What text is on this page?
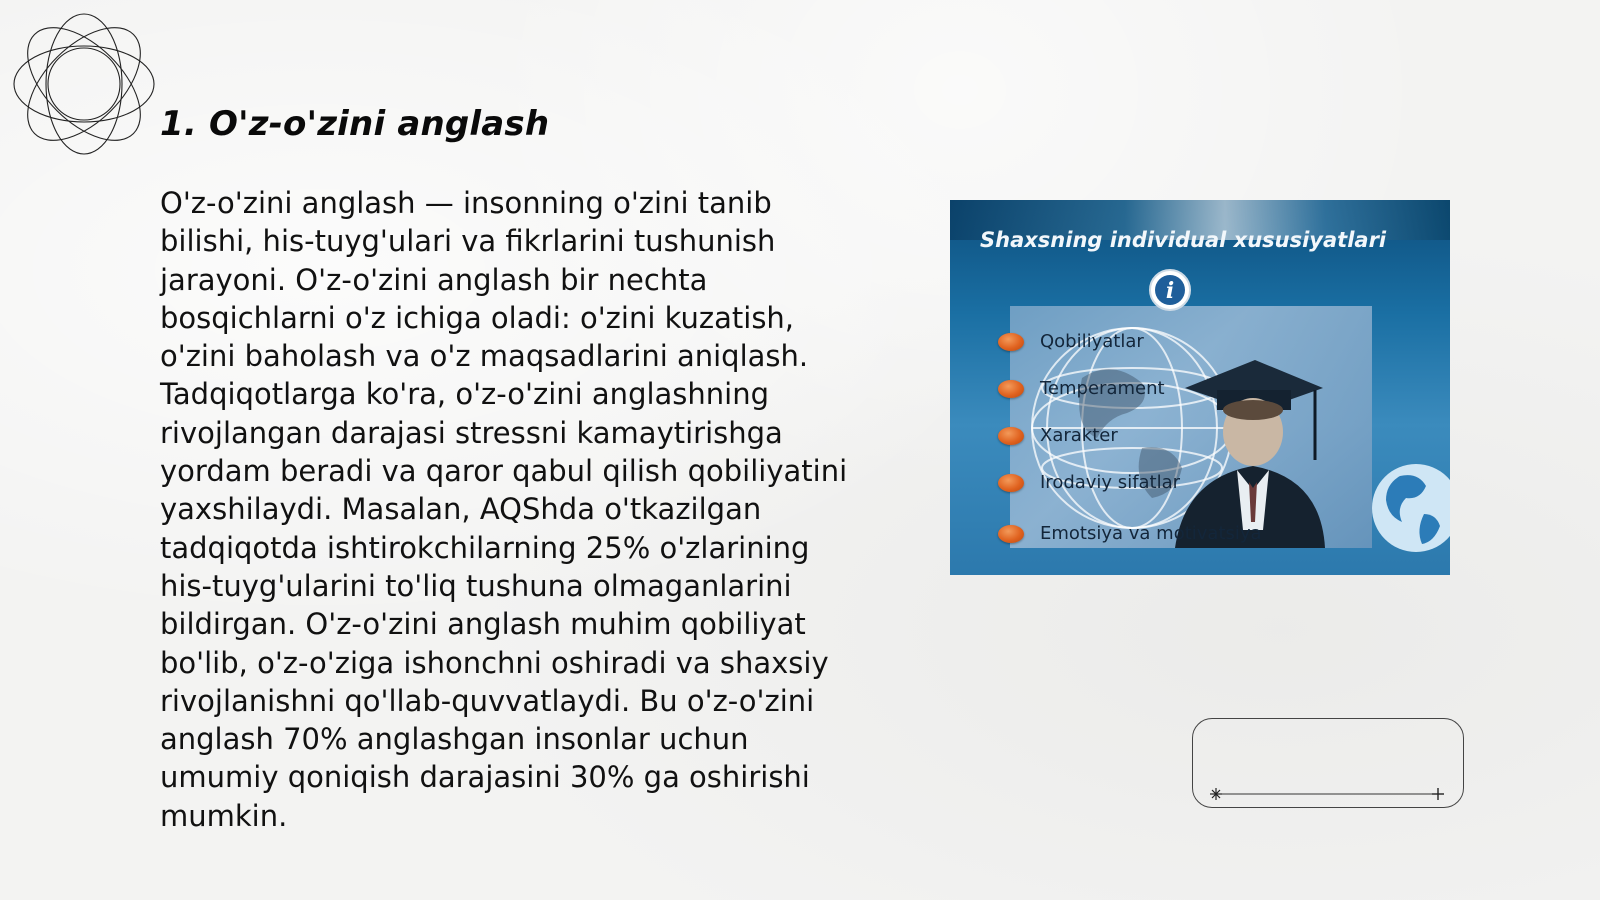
1. O'z-o'zini anglash

O'z-o'zini anglash — insonning o'zini tanib bilishi, his-tuyg'ulari va fikrlarini tushunish jarayoni. O'z-o'zini anglash bir nechta bosqichlarni o'z ichiga oladi: o'zini kuzatish, o'zini baholash va o'z maqsadlarini aniqlash. Tadqiqotlarga ko'ra, o'z-o'zini anglashning rivojlangan darajasi stressni kamaytirishga yordam beradi va qaror qabul qilish qobiliyatini yaxshilaydi. Masalan, AQShda o'tkazilgan tadqiqotda ishtirokchilarning 25% o'zlarining his-tuyg'ularini to'liq tushuna olmaganlarini bildirgan. O'z-o'zini anglash muhim qobiliyat bo'lib, o'z-o'ziga ishonchni oshiradi va shaxsiy rivojlanishni qo'llab-quvvatlaydi. Bu o'z-o'zini anglash 70% anglashgan insonlar uchun umumiy qoniqish darajasini 30% ga oshirishi mumkin.

Shaxsning individual xususiyatlari
i
Qobiliyatlar
Temperament
Xarakter
Irodaviy sifatlar
Emotsiya va motivatsiya
